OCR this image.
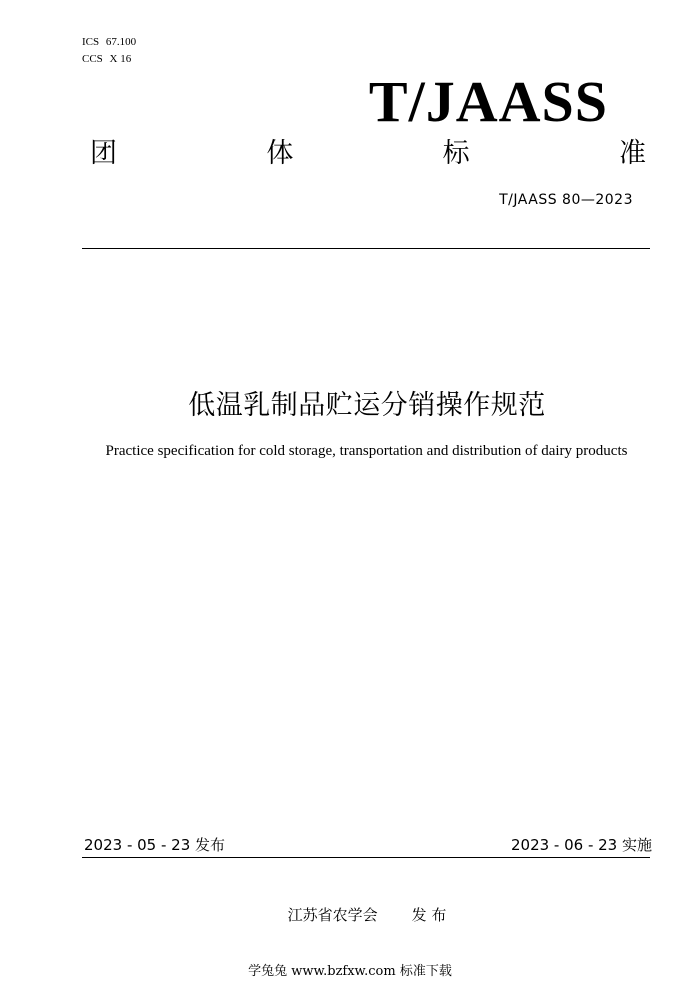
ICS 67.100
CCS X 16
T/JAASS
团	体	标	准
T/JAASS 80—2023
低温乳制品贮运分销操作规范
Practice specification for cold storage, transportation and distribution of dairy products
2023 - 05 - 23 发布	2023 - 06 - 23 实施
江苏省农学会 发 布
学兔兔 www.bzfxw.com 标准下载
